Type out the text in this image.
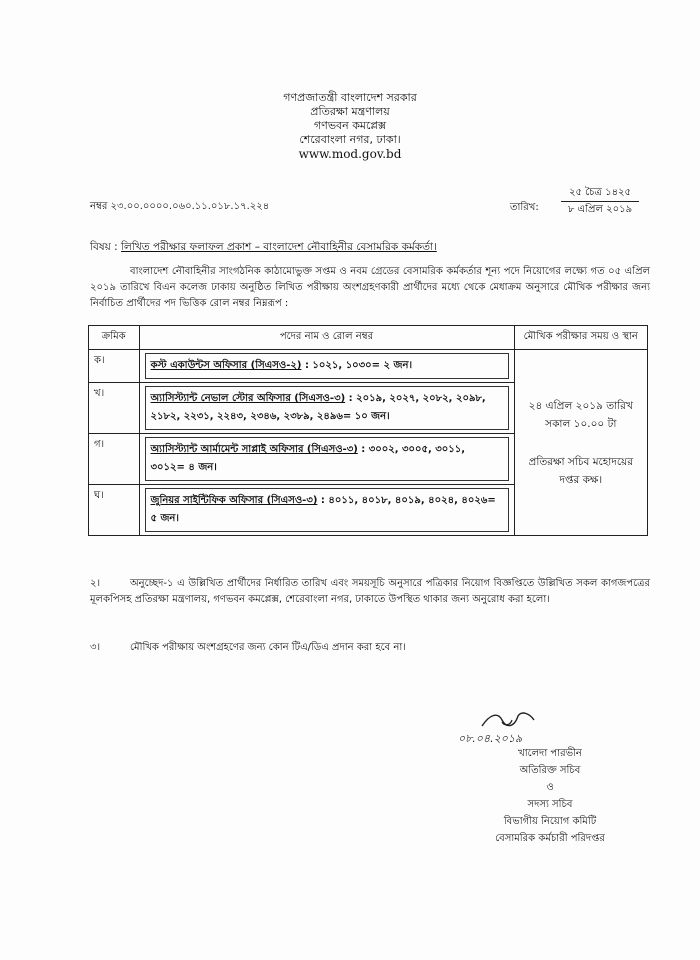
গণপ্রজাতন্ত্রী বাংলাদেশ সরকার
প্রতিরক্ষা মন্ত্রণালয়
গণভবন কমপ্লেক্স
শেরেবাংলা নগর, ঢাকা।
www.mod.gov.bd
নম্বর ২৩.০০.০০০০.০৬০.১১.০১৮.১৭.২২৪	তারিখ:
২৫ চৈত্র ১৪২৫
৮ এপ্রিল ২০১৯
বিষয় : লিখিত পরীক্ষার ফলাফল প্রকাশ – বাংলাদেশ নৌবাহিনীর বেসামরিক কর্মকর্তা।
বাংলাদেশ নৌবাহিনীর সাংগঠনিক কাঠামোভুক্ত সপ্তম ও নবম গ্রেডের বেসামরিক কর্মকর্তার শূন্য পদে নিয়োগের লক্ষ্যে গত ০৫ এপ্রিল ২০১৯ তারিখে বিএন কলেজ ঢাকায় অনুষ্ঠিত লিখিত পরীক্ষায় অংশগ্রহণকারী প্রার্থীদের মধ্যে থেকে মেধাক্রম অনুসারে মৌখিক পরীক্ষার জন্য নির্বাচিত প্রার্থীদের পদ ভিত্তিক রোল নম্বর নিম্নরূপ :
ক্রমিক	পদের নাম ও রোল নম্বর	মৌখিক পরীক্ষার সময় ও স্থান
ক।	কস্ট একাউন্টস অফিসার (সিএসও-২) : ১০২১, ১০৩০= ২ জন।	২৪ এপ্রিল ২০১৯ তারিখ সকাল ১০.০০ টা
প্রতিরক্ষা সচিব মহোদয়ের দপ্তর কক্ষ।
খ।	অ্যাসিস্ট্যান্ট নেভাল স্টোর অফিসার (সিএসও-৩) : ২০১৯, ২০২৭, ২০৮২, ২০৯৮, ২১৮২, ২২৩১, ২২৪৩, ২৩৪৬, ২৩৮৯, ২৪৯৬= ১০ জন।	
গ।	অ্যাসিস্ট্যান্ট আর্মামেন্ট সাপ্লাই অফিসার (সিএসও-৩) : ৩০০২, ৩০০৫, ৩০১১, ৩০১২= ৪ জন।	
ঘ।	জুনিয়র সাইন্টিফিক অফিসার (সিএসও-৩) : ৪০১১, ৪০১৮, ৪০১৯, ৪০২৪, ৪০২৬= ৫ জন।	
২।	অনুচ্ছেদ-১ এ উল্লিখিত প্রার্থীদের নির্ধারিত তারিখ এবং সময়সূচি অনুসারে পত্রিকার নিয়োগ বিজ্ঞপ্তিতে উল্লিখিত সকল কাগজপত্রের মূলকপিসহ প্রতিরক্ষা মন্ত্রণালয়, গণভবন কমপ্লেক্স, শেরেবাংলা নগর, ঢাকাতে উপস্থিত থাকার জন্য অনুরোধ করা হলো।
৩।	মৌখিক পরীক্ষায় অংশগ্রহণের জন্য কোন টিএ/ডিএ প্রদান করা হবে না।
০৮.০৪.২০১৯
খালেদা পারভীন
অতিরিক্ত সচিব
ও
সদস্য সচিব
বিভাগীয় নিয়োগ কমিটি
বেসামরিক কর্মচারী পরিদপ্তর
